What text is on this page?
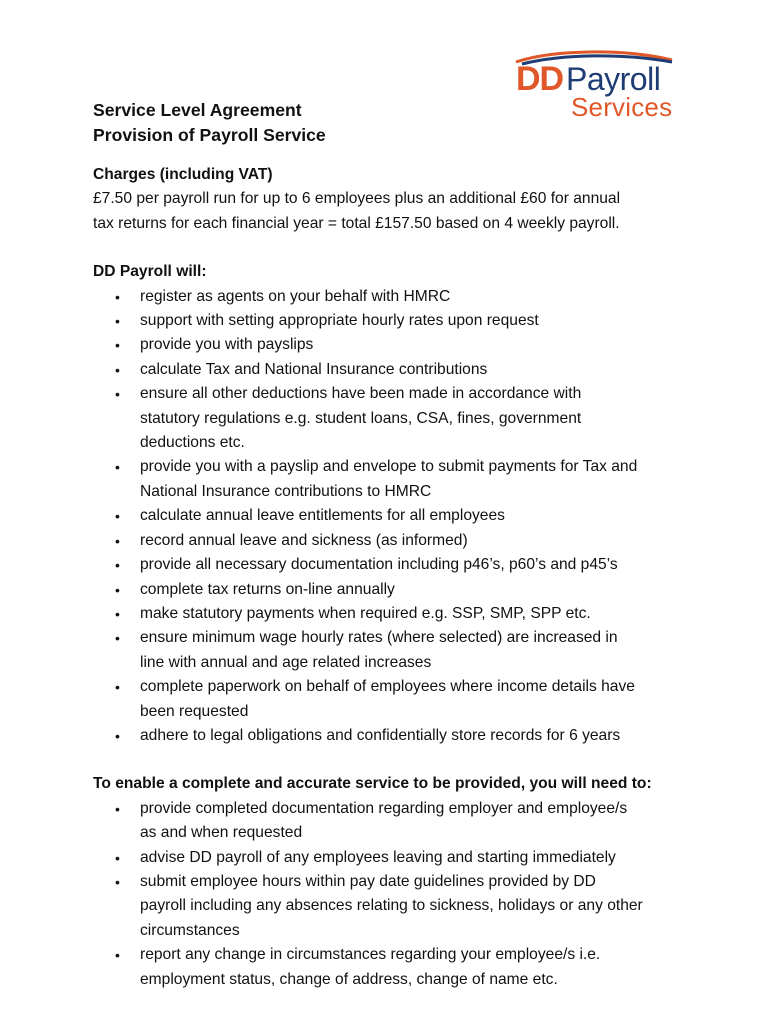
DD Payroll
Services

Service Level Agreement

Provision of Payroll Service

Charges (including VAT)

£7.50 per payroll run for up to 6 employees plus an additional £60 for annual

tax returns for each financial year = total £157.50 based on 4 weekly payroll.

DD Payroll will:

• register as agents on your behalf with HMRC
• support with setting appropriate hourly rates upon request
• provide you with payslips
• calculate Tax and National Insurance contributions
• ensure all other deductions have been made in accordance with
statutory regulations e.g. student loans, CSA, fines, government
deductions etc.
• provide you with a payslip and envelope to submit payments for Tax and
National Insurance contributions to HMRC
• calculate annual leave entitlements for all employees
• record annual leave and sickness (as informed)
• provide all necessary documentation including p46’s, p60’s and p45’s
• complete tax returns on-line annually
• make statutory payments when required e.g. SSP, SMP, SPP etc.
• ensure minimum wage hourly rates (where selected) are increased in
line with annual and age related increases
• complete paperwork on behalf of employees where income details have
been requested
• adhere to legal obligations and confidentially store records for 6 years

To enable a complete and accurate service to be provided, you will need to:

• provide completed documentation regarding employer and employee/s
as and when requested
• advise DD payroll of any employees leaving and starting immediately
• submit employee hours within pay date guidelines provided by DD
payroll including any absences relating to sickness, holidays or any other
circumstances
• report any change in circumstances regarding your employee/s i.e.
employment status, change of address, change of name etc.
